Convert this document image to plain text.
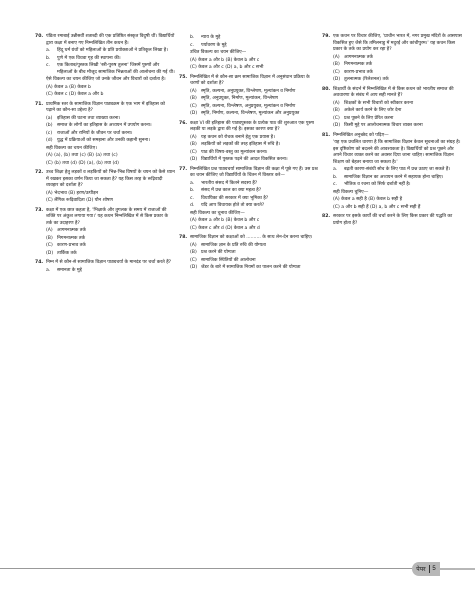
70. पंडिता रमाबाई उन्नीसवीं शताब्दी की एक प्रतिष्ठित संस्कृत विदुषी थीं। विद्यार्थियों द्वारा कक्षा में बनाए गए निम्नलिखित तीन कथन हैं।
a.	हिंदू धर्म ग्रंथों को महिलाओं के प्रति प्रयोक्ताओं ने प्रतिकूल लिखा है।
b.	पुणे में एक विधवा गृह की स्थापना की।
c.	एक किताब/पुस्तक लिखी 'स्त्री-पुरुष तुलना' जिसमें पुरुषों और महिलाओं के बीच मौजूद सामाजिक भिन्नताओं की आलोचना की गई थी।
ऐसे विकल्प का चयन कीजिए जो उनके जीवन और विचारों को दर्शाता है।
(A) केवल a (B) केवल b
(C) केवल c (D) केवल a और b
71. प्राथमिक स्तर के सामाजिक विज्ञान पाठ्यक्रम के एक भाग में इतिहास को पढ़ाने का कौन-सा उद्देश्य है?
(a) इतिहास की घटना तथा व्याख्या करना।
(b) समाज के लोगों का इतिहास के अध्ययन में उपयोग करना।
(c)	राजाओं और रानियों के जीवन पर चर्चा करना।
(d) युद्ध में प्रक्रियाओं को समझना और उनकी कहानी सुनना।
सही विकल्प का चयन कीजिए।
(A) (a), (b) तथा (c) (B) (a) तथा (c)
(C) (b) तथा (d) (D) (a), (b) तथा (d)
72. उच्च शिक्षा हेतु लड़कों व लड़कियों को भिन्न-भिन्न विषयों के चयन को कैसे ध्यान में रखकर इसका वर्णन किया जा सकता है? यह किस तरह के रूढ़िवादी व्यवहार को दर्शाता है?
(A) भेदभाव (B) हरण/उत्पीड़न
(C) लैंगिक रूढ़िवादिता (D) यौन शोषण
73. कक्षा में एक छात्र कहता है, 'भिक्षार्क और तुगलक के समय में राजाओं की शक्ति पर अंकुश लगाया गया।' यह कथन निम्नलिखित में से किस प्रकार के तर्क का उदाहरण है?
(A) आगमनात्मक तर्क
(B) निगमनात्मक तर्क
(C) कारण-प्रभाव तर्क
(D) तार्किक तर्क
74. निम्न में से कौन-से सामाजिक विज्ञान पाठ्यचर्या के मानदंड पर चर्चा करते हैं?
a.	समानता के मुद्दे
b.	न्याय के मुद्दे
c.	पर्यावरण के मुद्दे
उचित विकल्प का चयन कीजिए—
(A) केवल a और b (B) केवल b और c
(C) केवल a और c (D) a, b और c सभी
75. निम्नलिखित में से कौन-सा क्रम सामाजिक विज्ञान में अनुसंधान प्रक्रिया के चरणों को दर्शाता है?
(A) स्मृति, कल्पना, अनुप्रयुक्त, विश्लेषण, मूल्यांकन व निर्माण
(B) स्मृति, अनुप्रयुक्त, निर्माण, मूल्यांकन, विश्लेषण
(C) स्मृति, कल्पना, विश्लेषण, अनुप्रयुक्त, मूल्यांकन व निर्माण
(D) स्मृति, निर्माण, कल्पना, विश्लेषण, मूल्यांकन और अनुप्रयुक्त
76. कक्षा VI की इतिहास की पाठ्यपुस्तक के प्रत्येक पाठ की शुरुआत एक पुरुष लड़की या लड़के द्वारा की गई है। इसका कारण क्या है?
(A) यह कथन को रोचक बनाने हेतु एक प्रयास है।
(B) लड़कियों को लड़कों की तरह इतिहास में रुचि है।
(C) पाठ की विषय-वस्तु का मूल्यांकन करना।
(D) विद्यार्थियों में पुस्तक पढ़ने की आदत विकसित करना।
77. निम्नलिखित प्रश्न पाठ्यचर्या सामाजिक विज्ञान की कक्षा में पूछे गए हैं। उस प्रश्न का चयन कीजिए जो विद्यार्थियों के चिंतन में विस्तार करे—
a.	भारतीय संसद में कितने सदस्य हैं?
b.	संसद में प्रश्न काल का क्या महत्व है?
c.	विधायिका की सरकार में क्या भूमिका है?
d.	यदि आप विधायक होते तो क्या करते?
सही विकल्प का चुनाव कीजिए—
(A) केवल a और b (B) केवल b और c
(C) केवल c और d (D) केवल a और d
78. सामाजिक विज्ञान को कक्षाओं को .......... के साथ लेन-देन करना चाहिए।
(A) सामाजिक ज्ञान के प्रति रुचि की योग्यता
(B) प्रश्न करने की योग्यता
(C) सामाजिक स्थितियों की आलोचना
(D) जेंडर के बारे में सामाजिक नियमों का पालन करने की योग्यता
79. एक कथन पर विचार कीजिए, 'प्राचीन भारत में, नगर प्रमुख मंदिरों के आसपास विकसित हुए जैसे कि तमिलनाडु में मदुरई और कांचीपुरम।' यह कथन किस प्रकार के तर्क का प्रयोग कर रहा है?
(A) आगमनात्मक तर्क
(B) निगमनात्मक तर्क
(C) कारण-प्रभाव तर्क
(D) तुलनात्मक (रिलेशनल) तर्क
80. शिक्षार्थी के संदर्भ में निम्नलिखित में से किस कथन को भारतीय समाज की अवधारणा के संबंध में आप सही मानते हैं?
(A) शिक्षकों के सभी विचारों को स्वीकार करना
(B) अकेले कार्य करने के लिए जोर देना
(C) प्रश्न पूछने के लिए प्रेरित करना
(D) किसी मुद्दे पर आलोचनात्मक विचार व्यक्त करना
81. निम्नलिखित अनुच्छेद को पढ़िए—
'यह एक प्रचलित धारणा है कि सामाजिक विज्ञान केवल सूचनाओं का संग्रह है। इस दृष्टिकोण को बदलने की आवश्यकता है। विद्यार्थियों को प्रश्न पूछने और अपने विचार व्यक्त करने का अवसर दिया जाना चाहिए। सामाजिक विज्ञान शिक्षण को बेहतर बनाया जा सकता है।'
a.	बढ़ती कारण-संबंधी सोच के लिए पाठ में प्रश्न उठाए जा सकते हैं।
b.	सामाजिक विज्ञान का अध्ययन करने में सहायक होना चाहिए।
c.	भौतिक व रचना को सिर्फ दर्शाती नहीं है।
सही विकल्प चुनिए—
(A) केवल a सही है (B) केवल b सही है
(C) a और b सही हैं (D) a, b और c सभी सही हैं
82. सरकार पर इसके कार्यों की चर्चा करने के लिए किस प्रकार की पद्धति का प्रयोग होता है?
पेपर 5
